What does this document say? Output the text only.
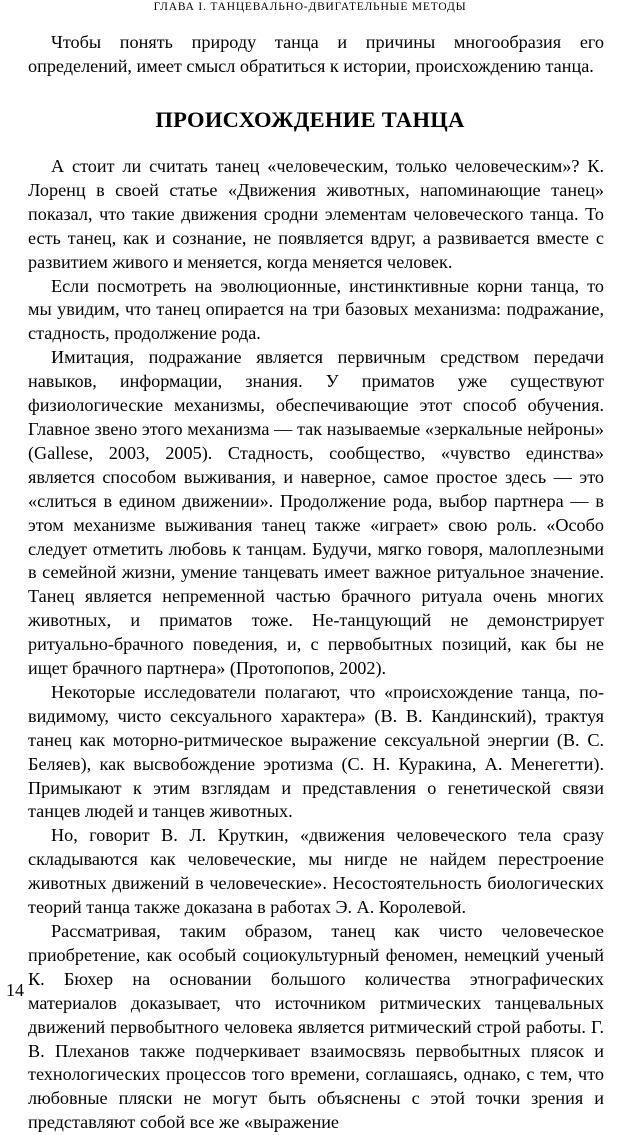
ГЛАВА I. ТАНЦЕВАЛЬНО-ДВИГАТЕЛЬНЫЕ МЕТОДЫ

Чтобы понять природу танца и причины многообразия его определений, имеет смысл обратиться к истории, происхождению танца.

ПРОИСХОЖДЕНИЕ ТАНЦА

А стоит ли считать танец «человеческим, только человеческим»? К. Лоренц в своей статье «Движения животных, напоминающие танец» показал, что такие движения сродни элементам человеческого танца. То есть танец, как и сознание, не появляется вдруг, а развивается вместе с развитием живого и меняется, когда меняется человек.

Если посмотреть на эволюционные, инстинктивные корни танца, то мы увидим, что танец опирается на три базовых механизма: подражание, стадность, продолжение рода.

Имитация, подражание является первичным средством передачи навыков, информации, знания. У приматов уже существуют физиологические механизмы, обеспечивающие этот способ обучения. Главное звено этого механизма — так называемые «зеркальные нейроны» (Gallese, 2003, 2005). Стадность, сообщество, «чувство единства» является способом выживания, и наверное, самое простое здесь — это «слиться в едином движении». Продолжение рода, выбор партнера — в этом механизме выживания танец также «играет» свою роль. «Особо следует отметить любовь к танцам. Будучи, мягко говоря, малоплезными в семейной жизни, умение танцевать имеет важное ритуальное значение. Танец является непременной частью брачного ритуала очень многих животных, и приматов тоже. Не-танцующий не демонстрирует ритуально-брачного поведения, и, с первобытных позиций, как бы не ищет брачного партнера» (Протопопов, 2002).

Некоторые исследователи полагают, что «происхождение танца, по-видимому, чисто сексуального характера» (В. В. Кандинский), трактуя танец как моторно-ритмическое выражение сексуальной энергии (В. С. Беляев), как высвобождение эротизма (С. Н. Куракина, А. Менегетти). Примыкают к этим взглядам и представления о генетической связи танцев людей и танцев животных.

Но, говорит В. Л. Круткин, «движения человеческого тела сразу складываются как человеческие, мы нигде не найдем перестроение животных движений в человеческие». Несостоятельность биологических теорий танца также доказана в работах Э. А. Королевой.

Рассматривая, таким образом, танец как чисто человеческое приобретение, как особый социокультурный феномен, немецкий ученый К. Бюхер на основании большого количества этнографических материалов доказывает, что источником ритмических танцевальных движений первобытного человека является ритмический строй работы. Г. В. Плеханов также подчеркивает взаимосвязь первобытных плясок и технологических процессов того времени, соглашаясь, однако, с тем, что любовные пляски не могут быть объяснены с этой точки зрения и представляют собой все же «выражение

14
